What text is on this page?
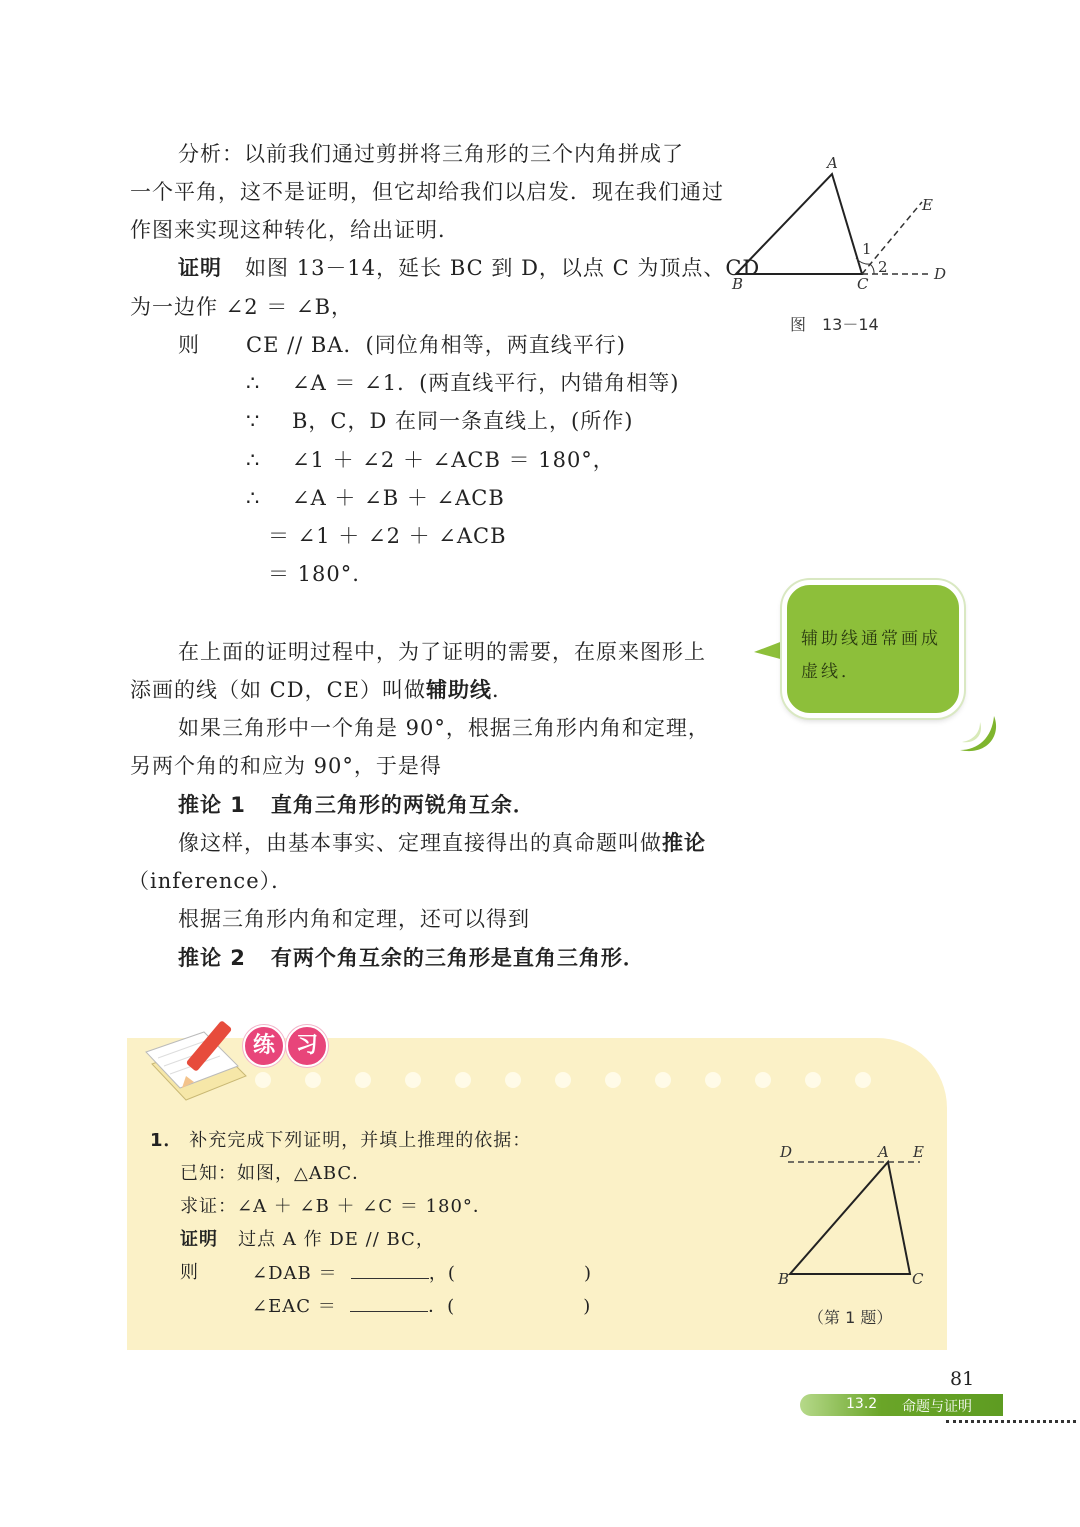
分析：以前我们通过剪拼将三角形的三个内角拼成了
一个平角，这不是证明，但它却给我们以启发．现在我们通过
作图来实现这种转化，给出证明．
证明 如图 13－14，延长 BC 到 D，以点 C 为顶点、CD
为一边作 ∠2 ＝ ∠B，
则 CE // BA．(同位角相等，两直线平行)
∴ ∠A ＝ ∠1．(两直线平行，内错角相等)
∵ B，C，D 在同一条直线上，(所作)
∴ ∠1 ＋ ∠2 ＋ ∠ACB ＝ 180°，
∴ ∠A ＋ ∠B ＋ ∠ACB
＝ ∠1 ＋ ∠2 ＋ ∠ACB
＝ 180°.
A
B	C
D
E
1
2
图　13－14
辅助线通常画成虚线．
在上面的证明过程中，为了证明的需要，在原来图形上
添画的线（如 CD，CE）叫做辅助线．
如果三角形中一个角是 90°，根据三角形内角和定理，
另两个角的和应为 90°，于是得
推论 1 直角三角形的两锐角互余．
像这样，由基本事实、定理直接得出的真命题叫做推论
（inference）．
根据三角形内角和定理，还可以得到
推论 2 有两个角互余的三角形是直角三角形．
练 习
1． 补充完成下列证明，并填上推理的依据：
已知：如图，△ABC．
求证：∠A ＋ ∠B ＋ ∠C ＝ 180°．
证明 过点 A 作 DE // BC，
则	∠DAB ＝	，(	)
∠EAC ＝	．(	)
D	A E
B	C
（第 1 题）
81
13.2 命题与证明
